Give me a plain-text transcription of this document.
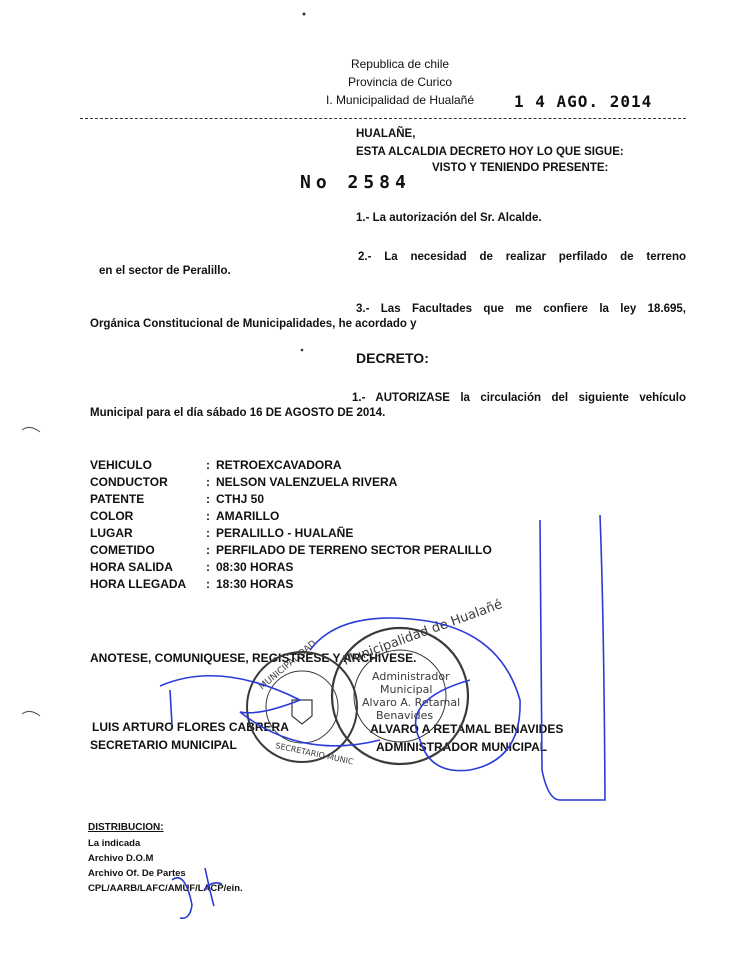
Republica de chile
Provincia de Curico
I. Municipalidad de Hualañé	1 4 AGO. 2014
HUALAÑE,
ESTA ALCALDIA DECRETO HOY LO QUE SIGUE:
VISTO Y TENIENDO PRESENTE:
No 2584
1.- La autorización del Sr. Alcalde.
2.- La necesidad de realizar perfilado de terreno
en el sector de Peralillo.
3.- Las Facultades que me confiere la ley 18.695,
Orgánica Constitucional de Municipalidades, he acordado y
DECRETO:
1.- AUTORIZASE la circulación del siguiente vehículo
Municipal para el día sábado 16 DE AGOSTO DE 2014.
VEHICULO	: RETROEXCAVADORA
CONDUCTOR	: NELSON VALENZUELA RIVERA
PATENTE	: CTHJ 50
COLOR	: AMARILLO
LUGAR	: PERALILLO - HUALAÑE
COMETIDO	: PERFILADO DE TERRENO SECTOR PERALILLO
HORA SALIDA	: 08:30 HORAS
HORA LLEGADA : 18:30 HORAS
ANOTESE, COMUNIQUESE, REGISTRESE Y ARCHIVESE.
LUIS ARTURO FLORES CABRERA
SECRETARIO MUNICIPAL
ALVARO A RETAMAL BENAVIDES
ADMINISTRADOR MUNICIPAL
DISTRIBUCION:
La indicada
Archivo D.O.M
Archivo Of. De Partes
CPL/AARB/LAFC/AMUF/LACP/ein.
MUNICIPALIDAD
SECRETARIO MUNIC
Municipalidad de Hualañé
Administrador
Municipal
Alvaro A. Retamal
Benavides
